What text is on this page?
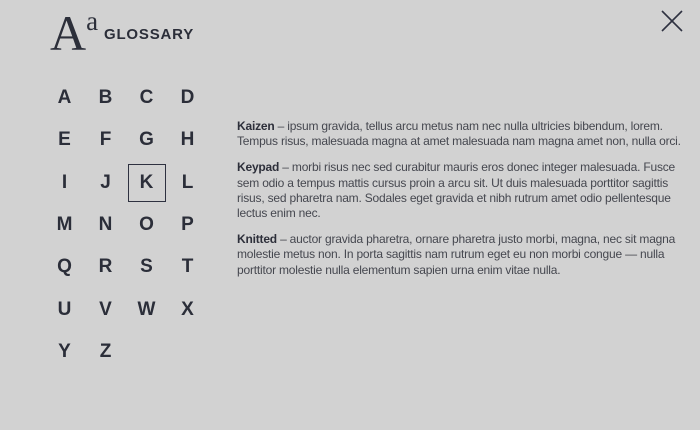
Aa GLOSSARY
A	B	C	D
E	F	G	H
I	J	K	L
M	N	O	P
Q	R	S	T
U	V	W	X
Y	Z

Kaizen – ipsum gravida, tellus arcu metus nam nec nulla ultricies bibendum, lorem. Tempus risus, malesuada magna at amet malesuada nam magna amet non, nulla orci.

Keypad – morbi risus nec sed curabitur mauris eros donec integer malesuada. Fusce sem odio a tempus mattis cursus proin a arcu sit. Ut duis malesuada porttitor sagittis risus, sed pharetra nam. Sodales eget gravida et nibh rutrum amet odio pellentesque lectus enim nec.

Knitted – auctor gravida pharetra, ornare pharetra justo morbi, magna, nec sit magna molestie metus non. In porta sagittis nam rutrum eget eu non morbi congue — nulla porttitor molestie nulla elementum sapien urna enim vitae nulla.
